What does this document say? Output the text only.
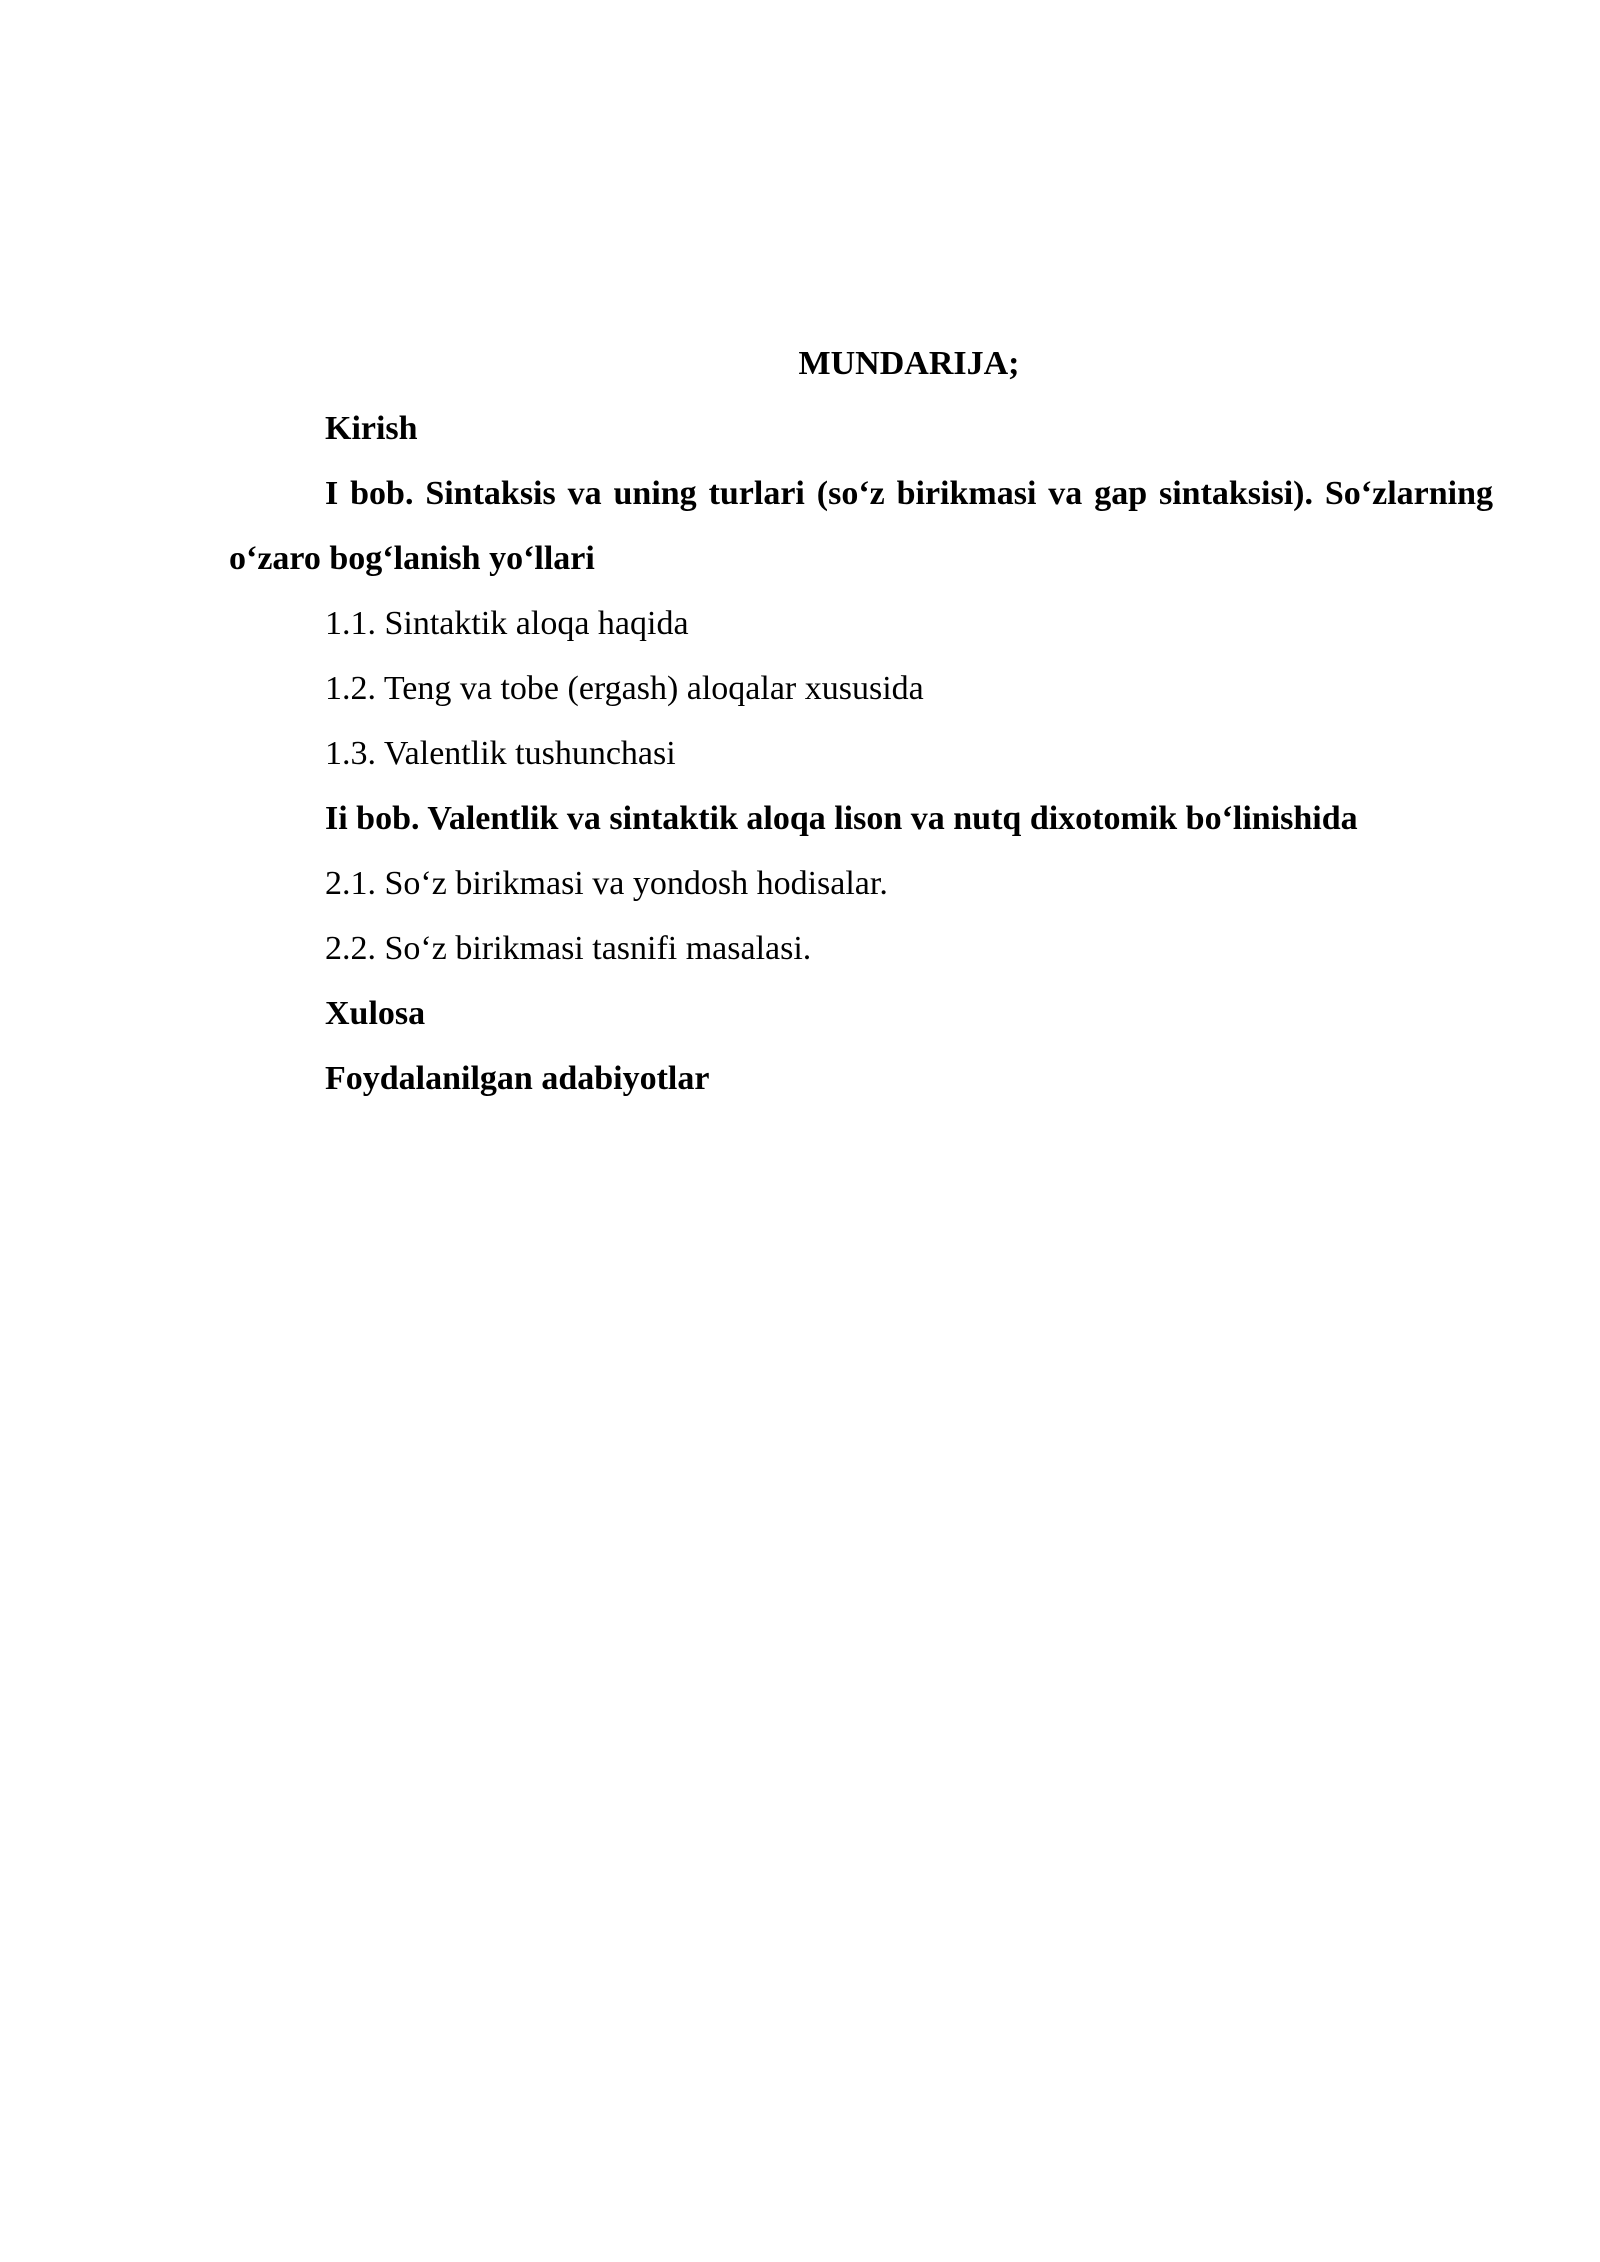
MUNDARIJA;

Kirish

I bob. Sintaksis va uning turlari (so‘z birikmasi va gap sintaksisi). So‘zlarning o‘zaro bog‘lanish yo‘llari

1.1. Sintaktik aloqa haqida

1.2. Teng va tobe (ergash) aloqalar xususida

1.3. Valentlik tushunchasi

Ii bob. Valentlik va sintaktik aloqa lison va nutq dixotomik bo‘linishida

2.1. So‘z birikmasi va yondosh hodisalar.

2.2. So‘z birikmasi tasnifi masalasi.

Xulosa

Foydalanilgan adabiyotlar
